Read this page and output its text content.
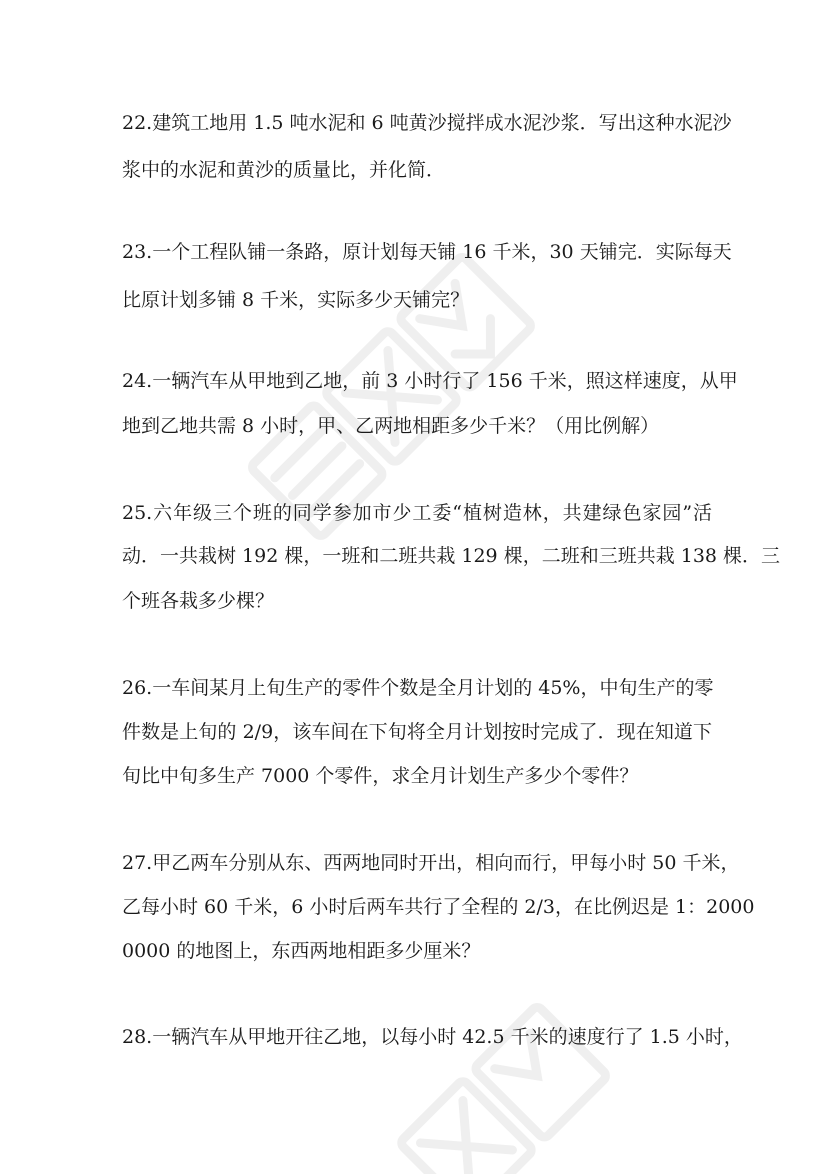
22.建筑工地用 1.5 吨水泥和 6 吨黄沙搅拌成水泥沙浆．写出这种水泥沙
浆中的水泥和黄沙的质量比，并化简．
23.一个工程队铺一条路，原计划每天铺 16 千米，30 天铺完．实际每天
比原计划多铺 8 千米，实际多少天铺完？
24.一辆汽车从甲地到乙地，前 3 小时行了 156 千米，照这样速度，从甲
地到乙地共需 8 小时，甲、乙两地相距多少千米？（用比例解）
25.六年级三个班的同学参加市少工委“植树造林，共建绿色家园”活
动．一共栽树 192 棵，一班和二班共栽 129 棵，二班和三班共栽 138 棵．三
个班各栽多少棵？
26.一车间某月上旬生产的零件个数是全月计划的 45%，中旬生产的零
件数是上旬的 2/9，该车间在下旬将全月计划按时完成了．现在知道下
旬比中旬多生产 7000 个零件，求全月计划生产多少个零件？
27.甲乙两车分别从东、西两地同时开出，相向而行，甲每小时 50 千米，
乙每小时 60 千米，6 小时后两车共行了全程的 2/3，在比例迟是 1：2000
0000 的地图上，东西两地相距多少厘米？
28.一辆汽车从甲地开往乙地，以每小时 42.5 千米的速度行了 1.5 小时，
